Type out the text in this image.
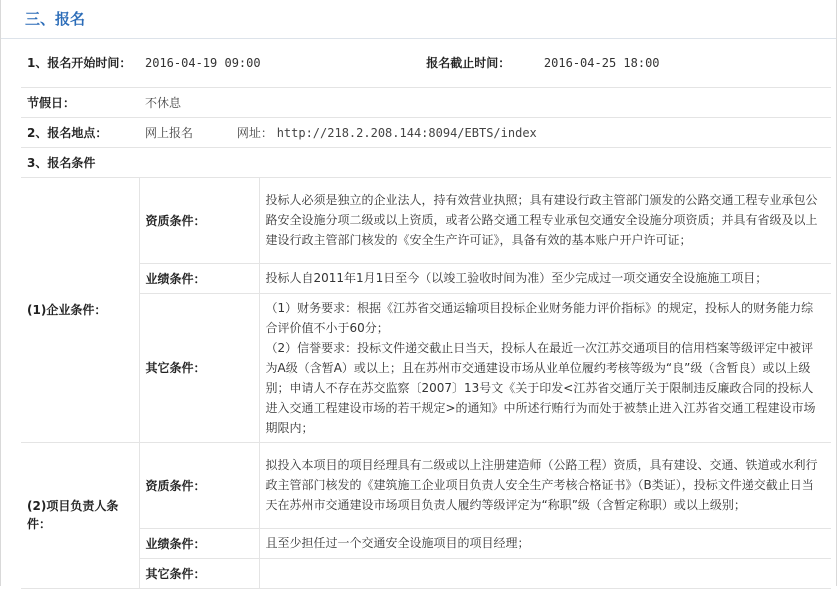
三、报名
1、报名开始时间：	2016-04-19 09:00 报名截止时间： 2016-04-25 18:00	
节假日：	不休息	
2、报名地点：	网上报名 网址： http://218.2.208.144:8094/EBTS/index	
3、报名条件		
(1)企业条件：	资质条件：	投标人必须是独立的企业法人，持有效营业执照；具有建设行政主管部门颁发的公路交通工程专业承包公路安全设施分项二级或以上资质，或者公路交通工程专业承包交通安全设施分项资质；并具有省级及以上建设行政主管部门核发的《安全生产许可证》，具备有效的基本账户开户许可证；
	业绩条件：	投标人自2011年1月1日至今（以竣工验收时间为准）至少完成过一项交通安全设施施工项目；
	其它条件：	（1）财务要求：根据《江苏省交通运输项目投标企业财务能力评价指标》的规定，投标人的财务能力综合评价值不小于60分；
（2）信誉要求：投标文件递交截止日当天，投标人在最近一次江苏交通项目的信用档案等级评定中被评为A级（含暂A）或以上；且在苏州市交通建设市场从业单位履约考核等级为“良”级（含暂良）或以上级别；申请人不存在苏交监察〔2007〕13号文《关于印发<江苏省交通厅关于限制违反廉政合同的投标人进入交通工程建设市场的若干规定>的通知》中所述行贿行为而处于被禁止进入江苏省交通工程建设市场期限内；
(2)项目负责人条件：	资质条件：	拟投入本项目的项目经理具有二级或以上注册建造师（公路工程）资质，具有建设、交通、铁道或水利行政主管部门核发的《建筑施工企业项目负责人安全生产考核合格证书》（B类证），投标文件递交截止日当天在苏州市交通建设市场项目负责人履约等级评定为“称职”级（含暂定称职）或以上级别；
	业绩条件：	且至少担任过一个交通安全设施项目的项目经理；
	其它条件：	
